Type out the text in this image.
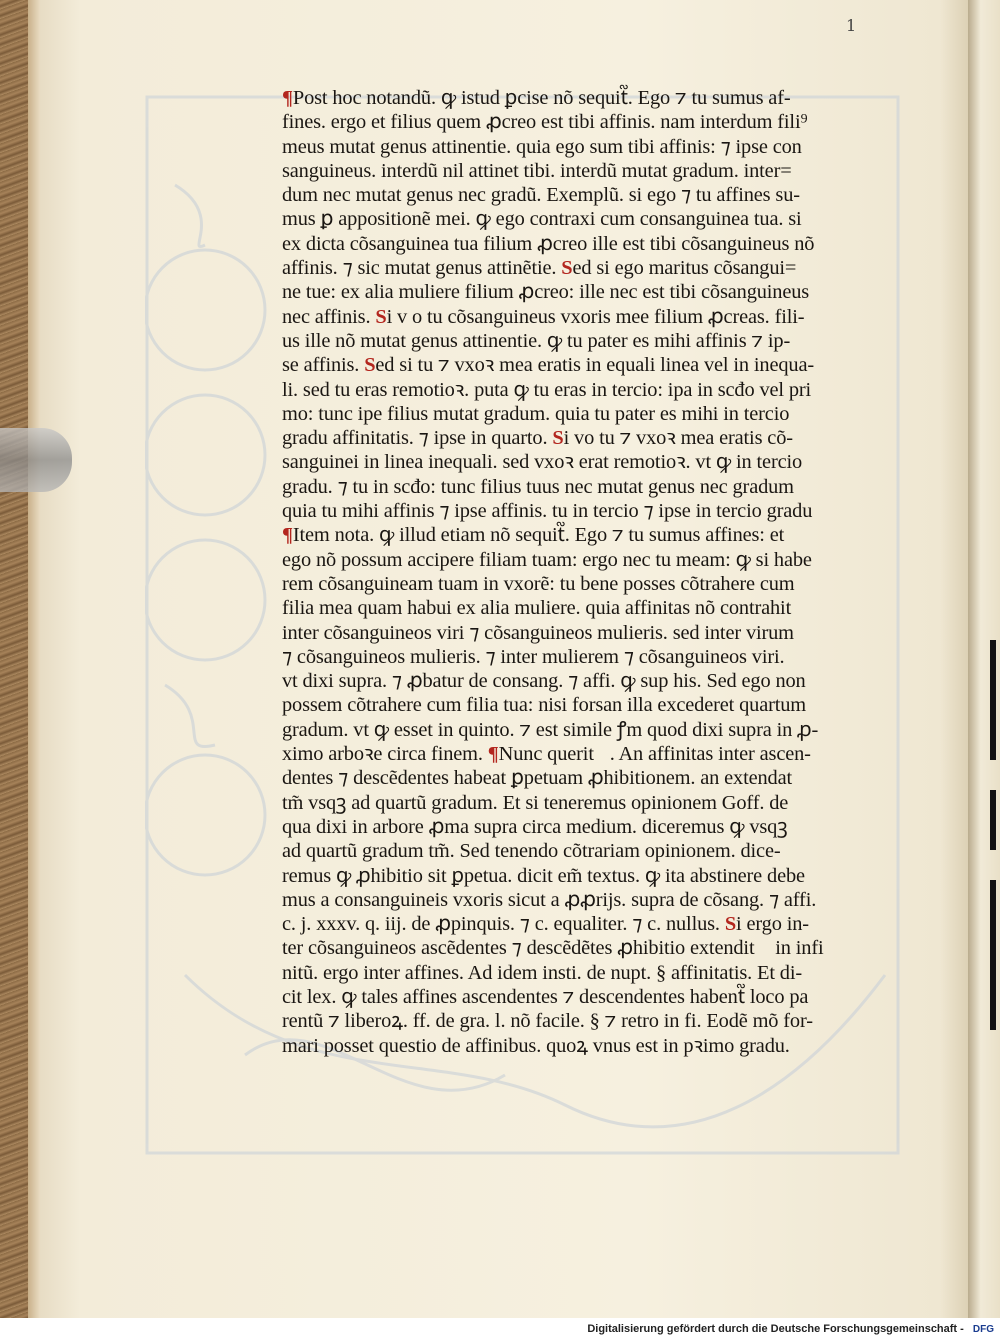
1
¶Post hoc notandũ. ꝙ istud ꝑcise nõ sequit᷑. Ego ⁊ tu sumus af-
fines. ergo et filius quem ꝓcreo est tibi affinis. nam interdum fili⁹
meus mutat genus attinentie. quia ego sum tibi affinis: ⁊ ipse con
sanguineus. interdũ nil attinet tibi. interdũ mutat gradum. inter=
dum nec mutat genus nec gradũ. Exemplũ. si ego ⁊ tu affines su-
mus ꝑ appositionẽ mei. ꝙ ego contraxi cum consanguinea tua. si
ex dicta cõsanguinea tua filium ꝓcreo ille est tibi cõsanguineus nõ
affinis. ⁊ sic mutat genus attinẽtie. Sed si ego maritus cõsangui=
ne tue: ex alia muliere filium ꝓcreo: ille nec est tibi cõsanguineus
nec affinis. Si v o tu cõsanguineus vxoris mee filium ꝓcreas. fili-
us ille nõ mutat genus attinentie. ꝙ tu pater es mihi affinis ⁊ ip-
se affinis. Sed si tu ⁊ vxoꝛ mea eratis in equali linea vel in inequa-
li. sed tu eras remotioꝛ. puta ꝙ tu eras in tercio: ipa in scđo vel pri
mo: tunc ipe filius mutat gradum. quia tu pater es mihi in tercio
gradu affinitatis. ⁊ ipse in quarto. Si vo tu ⁊ vxoꝛ mea eratis cõ-
sanguinei in linea inequali. sed vxoꝛ erat remotioꝛ. vt ꝙ in tercio
gradu. ⁊ tu in scđo: tunc filius tuus nec mutat genus nec gradum
quia tu mihi affinis ⁊ ipse affinis. tu in tercio ⁊ ipse in tercio gradu
¶Item nota. ꝙ illud etiam nõ sequit᷑. Ego ⁊ tu sumus affines: et
ego nõ possum accipere filiam tuam: ergo nec tu meam: ꝙ si habe
rem cõsanguineam tuam in vxorẽ: tu bene posses cõtrahere cum
filia mea quam habui ex alia muliere. quia affinitas nõ contrahit᷑
inter cõsanguineos viri ⁊ cõsanguineos mulieris. sed inter virum
⁊ cõsanguineos mulieris. ⁊ inter mulierem ⁊ cõsanguineos viri.
vt dixi supra. ⁊ ꝓbatur de consang. ⁊ affi. ꝙ sup his. Sed ego non
possem cõtrahere cum filia tua: nisi forsan illa excederet quartum
gradum. vt ꝙ esset in quinto. ⁊ est simile ꝭm quod dixi supra in ꝓ-
ximo arboꝛe circa finem. ¶Nunc querit᷑. An affinitas inter ascen-
dentes ⁊ descẽdentes habeat ꝑpetuam ꝓhibitionem. an extendat᷑
tm̃ vsqꝫ ad quartũ gradum. Et si teneremus opinionem Goff. de
qua dixi in arbore ꝓma supra circa medium. diceremus ꝙ vsqꝫ
ad quartũ gradum tm̃. Sed tenendo cõtrariam opinionem. dice-
remus ꝙ ꝓhibitio sit ꝑpetua. dicit em̃ textus. ꝙ ita abstinere debe
mus a consanguineis vxoris sicut a ꝓꝓrijs. supra de cõsang. ⁊ affi.
c. j. xxxv. q. iij. de ꝓpinquis. ⁊ c. equaliter. ⁊ c. nullus. Si ergo in-
ter cõsanguineos ascẽdentes ⁊ descẽdẽtes ꝓhibitio extendit᷑ in infi
nitũ. ergo inter affines. Ad idem insti. de nupt. § affinitatis. Et di-
cit lex. ꝙ tales affines ascendentes ⁊ descendentes habent᷑ loco pa
rentũ ⁊ liberoꝝ. ff. de gra. l. nõ facile. § ⁊ retro in fi. Eodẽ mõ for-
mari posset questio de affinibus. quoꝝ vnus est in pꝛimo gradu.
Digitalisierung gefördert durch die Deutsche Forschungsgemeinschaft - DFG
